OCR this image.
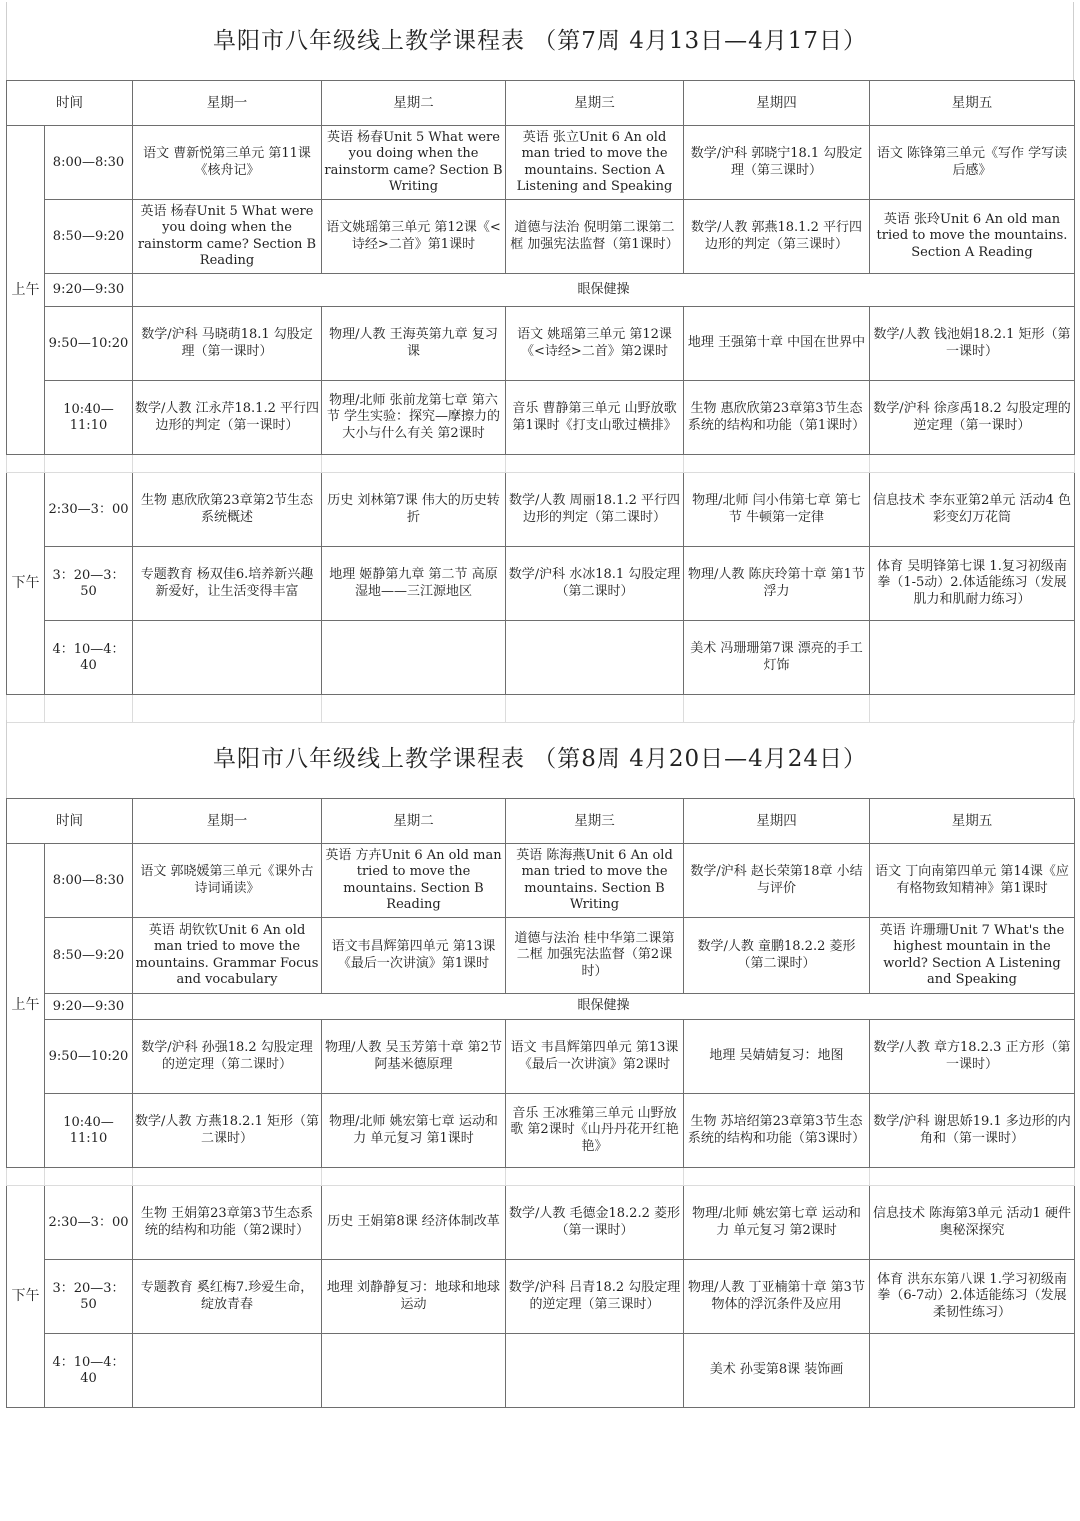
阜阳市八年级线上教学课程表 （第7周 4月13日—4月17日）
时间		星期一	星期二	星期三	星期四	星期五
上午	8:00—8:30	语文 曹新悦第三单元 第11课《核舟记》	英语 杨春Unit 5 What were you doing when the rainstorm came? Section B Writing	英语 张立Unit 6 An old man tried to move the mountains. Section A Listening and Speaking	数学/沪科 郭晓宁18.1 勾股定理（第三课时）	语文 陈锋第三单元《写作 学写读后感》
	8:50—9:20	英语 杨春Unit 5 What were you doing when the rainstorm came? Section B Reading	语文姚瑶第三单元 第12课《<诗经>二首》第1课时	道德与法治 倪明第二课第二框 加强宪法监督（第1课时）	数学/人教 郭燕18.1.2 平行四边形的判定（第三课时）	英语 张玲Unit 6 An old man tried to move the mountains. Section A Reading
	9:20—9:30	眼保健操				
	9:50—10:20	数学/沪科 马晓萌18.1 勾股定理（第一课时）	物理/人教 王海英第九章 复习课	语文 姚瑶第三单元 第12课《<诗经>二首》第2课时	地理 王强第十章 中国在世界中	数学/人教 钱池娟18.2.1 矩形（第一课时）
	10:40—11:10	数学/人教 江永芹18.1.2 平行四边形的判定（第一课时）	物理/北师 张前龙第七章 第六节 学生实验：探究—摩擦力的大小与什么有关 第2课时	音乐 曹静第三单元 山野放歌 第1课时《打支山歌过横排》	生物 惠欣欣第23章第3节生态系统的结构和功能（第1课时）	数学/沪科 徐彦禹18.2 勾股定理的逆定理（第一课时）

下午	2:30—3：00	生物 惠欣欣第23章第2节生态系统概述	历史 刘林第7课 伟大的历史转折	数学/人教 周丽18.1.2 平行四边形的判定（第二课时）	物理/北师 闫小伟第七章 第七节 牛顿第一定律	信息技术 李东亚第2单元 活动4 色彩变幻万花筒
	3：20—3：50	专题教育 杨双佳6.培养新兴趣新爱好，让生活变得丰富	地理 姬静第九章 第二节 高原湿地——三江源地区	数学/沪科 水冰18.1 勾股定理（第二课时）	物理/人教 陈庆玲第十章 第1节 浮力	体育 吴明锋第七课 1.复习初级南拳（1-5动）2.体适能练习（发展肌力和肌耐力练习）
	4：10—4：40				美术 冯珊珊第7课 漂亮的手工灯饰	

阜阳市八年级线上教学课程表 （第8周 4月20日—4月24日）
时间		星期一	星期二	星期三	星期四	星期五
上午	8:00—8:30	语文 郭晓媛第三单元《课外古诗词诵读》	英语 方卉Unit 6 An old man tried to move the mountains. Section B Reading	英语 陈海燕Unit 6 An old man tried to move the mountains. Section B Writing	数学/沪科 赵长荣第18章 小结与评价	语文 丁向南第四单元 第14课《应有格物致知精神》第1课时
	8:50—9:20	英语 胡钦钦Unit 6 An old man tried to move the mountains. Grammar Focus and vocabulary	语文韦昌辉第四单元 第13课《最后一次讲演》第1课时	道德与法治 桂中华第二课第二框 加强宪法监督（第2课时）	数学/人教 童鹏18.2.2 菱形（第二课时）	英语 许珊珊Unit 7 What's the highest mountain in the world? Section A Listening and Speaking
	9:20—9:30	眼保健操				
	9:50—10:20	数学/沪科 孙强18.2 勾股定理的逆定理（第二课时）	物理/人教 吴玉芳第十章 第2节 阿基米德原理	语文 韦昌辉第四单元 第13课《最后一次讲演》第2课时	地理 吴婧婧复习：地图	数学/人教 章方18.2.3 正方形（第一课时）
	10:40—11:10	数学/人教 方燕18.2.1 矩形（第二课时）	物理/北师 姚宏第七章 运动和力 单元复习 第1课时	音乐 王冰雅第三单元 山野放歌 第2课时《山丹丹花开红艳艳》	生物 苏培绍第23章第3节生态系统的结构和功能（第3课时）	数学/沪科 谢思娇19.1 多边形的内角和（第一课时）

下午	2:30—3：00	生物 王娟第23章第3节生态系统的结构和功能（第2课时）	历史 王娟第8课 经济体制改革	数学/人教 毛德金18.2.2 菱形（第一课时）	物理/北师 姚宏第七章 运动和力 单元复习 第2课时	信息技术 陈海第3单元 活动1 硬件奥秘深探究
	3：20—3：50	专题教育 奚红梅7.珍爱生命，绽放青春	地理 刘静静复习：地球和地球运动	数学/沪科 吕青18.2 勾股定理的逆定理（第三课时）	物理/人教 丁亚楠第十章 第3节 物体的浮沉条件及应用	体育 洪东东第八课 1.学习初级南拳（6-7动）2.体适能练习（发展柔韧性练习）
	4：10—4：40				美术 孙雯第8课 装饰画	
